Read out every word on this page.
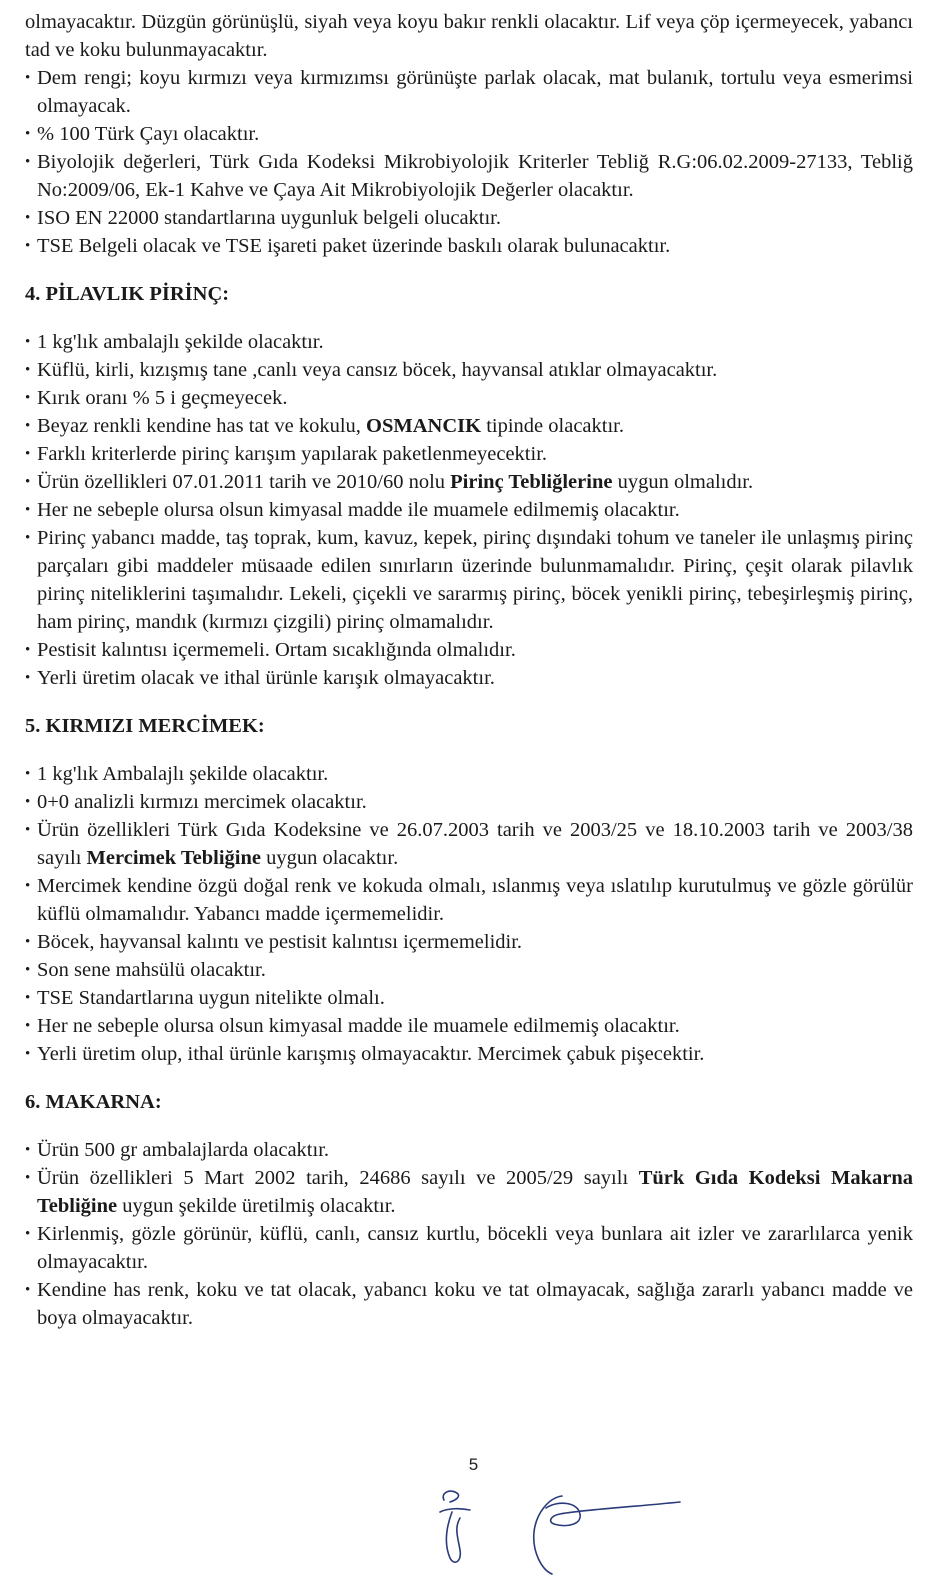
olmayacaktır. Düzgün görünüşlü, siyah veya koyu bakır renkli olacaktır. Lif veya çöp içermeyecek, yabancı tad ve koku bulunmayacaktır.

• Dem rengi; koyu kırmızı veya kırmızımsı görünüşte parlak olacak, mat bulanık, tortulu veya esmerimsi olmayacak.
• % 100 Türk Çayı olacaktır.
• Biyolojik değerleri, Türk Gıda Kodeksi Mikrobiyolojik Kriterler Tebliğ R.G:06.02.2009-27133, Tebliğ No:2009/06, Ek-1 Kahve ve Çaya Ait Mikrobiyolojik Değerler olacaktır.
• ISO EN 22000 standartlarına uygunluk belgeli olucaktır.
• TSE Belgeli olacak ve TSE işareti paket üzerinde baskılı olarak bulunacaktır.

4. PİLAVLIK PİRİNÇ:

• 1 kg'lık ambalajlı şekilde olacaktır.
• Küflü, kirli, kızışmış tane ,canlı veya cansız böcek, hayvansal atıklar olmayacaktır.
• Kırık oranı % 5 i geçmeyecek.
• Beyaz renkli kendine has tat ve kokulu, OSMANCIK tipinde olacaktır.
• Farklı kriterlerde pirinç karışım yapılarak paketlenmeyecektir.
• Ürün özellikleri 07.01.2011 tarih ve 2010/60 nolu Pirinç Tebliğlerine uygun olmalıdır.
• Her ne sebeple olursa olsun kimyasal madde ile muamele edilmemiş olacaktır.
• Pirinç yabancı madde, taş toprak, kum, kavuz, kepek, pirinç dışındaki tohum ve taneler ile unlaşmış pirinç parçaları gibi maddeler müsaade edilen sınırların üzerinde bulunmamalıdır. Pirinç, çeşit olarak pilavlık pirinç niteliklerini taşımalıdır. Lekeli, çiçekli ve sararmış pirinç, böcek yenikli pirinç, tebeşirleşmiş pirinç, ham pirinç, mandık (kırmızı çizgili) pirinç olmamalıdır.
• Pestisit kalıntısı içermemeli. Ortam sıcaklığında olmalıdır.
• Yerli üretim olacak ve ithal ürünle karışık olmayacaktır.

5. KIRMIZI MERCİMEK:

• 1 kg'lık Ambalajlı şekilde olacaktır.
• 0+0 analizli kırmızı mercimek olacaktır.
• Ürün özellikleri Türk Gıda Kodeksine ve 26.07.2003 tarih ve 2003/25 ve 18.10.2003 tarih ve 2003/38 sayılı Mercimek Tebliğine uygun olacaktır.
• Mercimek kendine özgü doğal renk ve kokuda olmalı, ıslanmış veya ıslatılıp kurutulmuş ve gözle görülür küflü olmamalıdır. Yabancı madde içermemelidir.
• Böcek, hayvansal kalıntı ve pestisit kalıntısı içermemelidir.
• Son sene mahsülü olacaktır.
• TSE Standartlarına uygun nitelikte olmalı.
• Her ne sebeple olursa olsun kimyasal madde ile muamele edilmemiş olacaktır.
• Yerli üretim olup, ithal ürünle karışmış olmayacaktır. Mercimek çabuk pişecektir.

6. MAKARNA:

• Ürün 500 gr ambalajlarda olacaktır.
• Ürün özellikleri 5 Mart 2002 tarih, 24686 sayılı ve 2005/29 sayılı Türk Gıda Kodeksi Makarna Tebliğine uygun şekilde üretilmiş olacaktır.
• Kirlenmiş, gözle görünür, küflü, canlı, cansız kurtlu, böcekli veya bunlara ait izler ve zararlılarca yenik olmayacaktır.
• Kendine has renk, koku ve tat olacak, yabancı koku ve tat olmayacak, sağlığa zararlı yabancı madde ve boya olmayacaktır.
5
